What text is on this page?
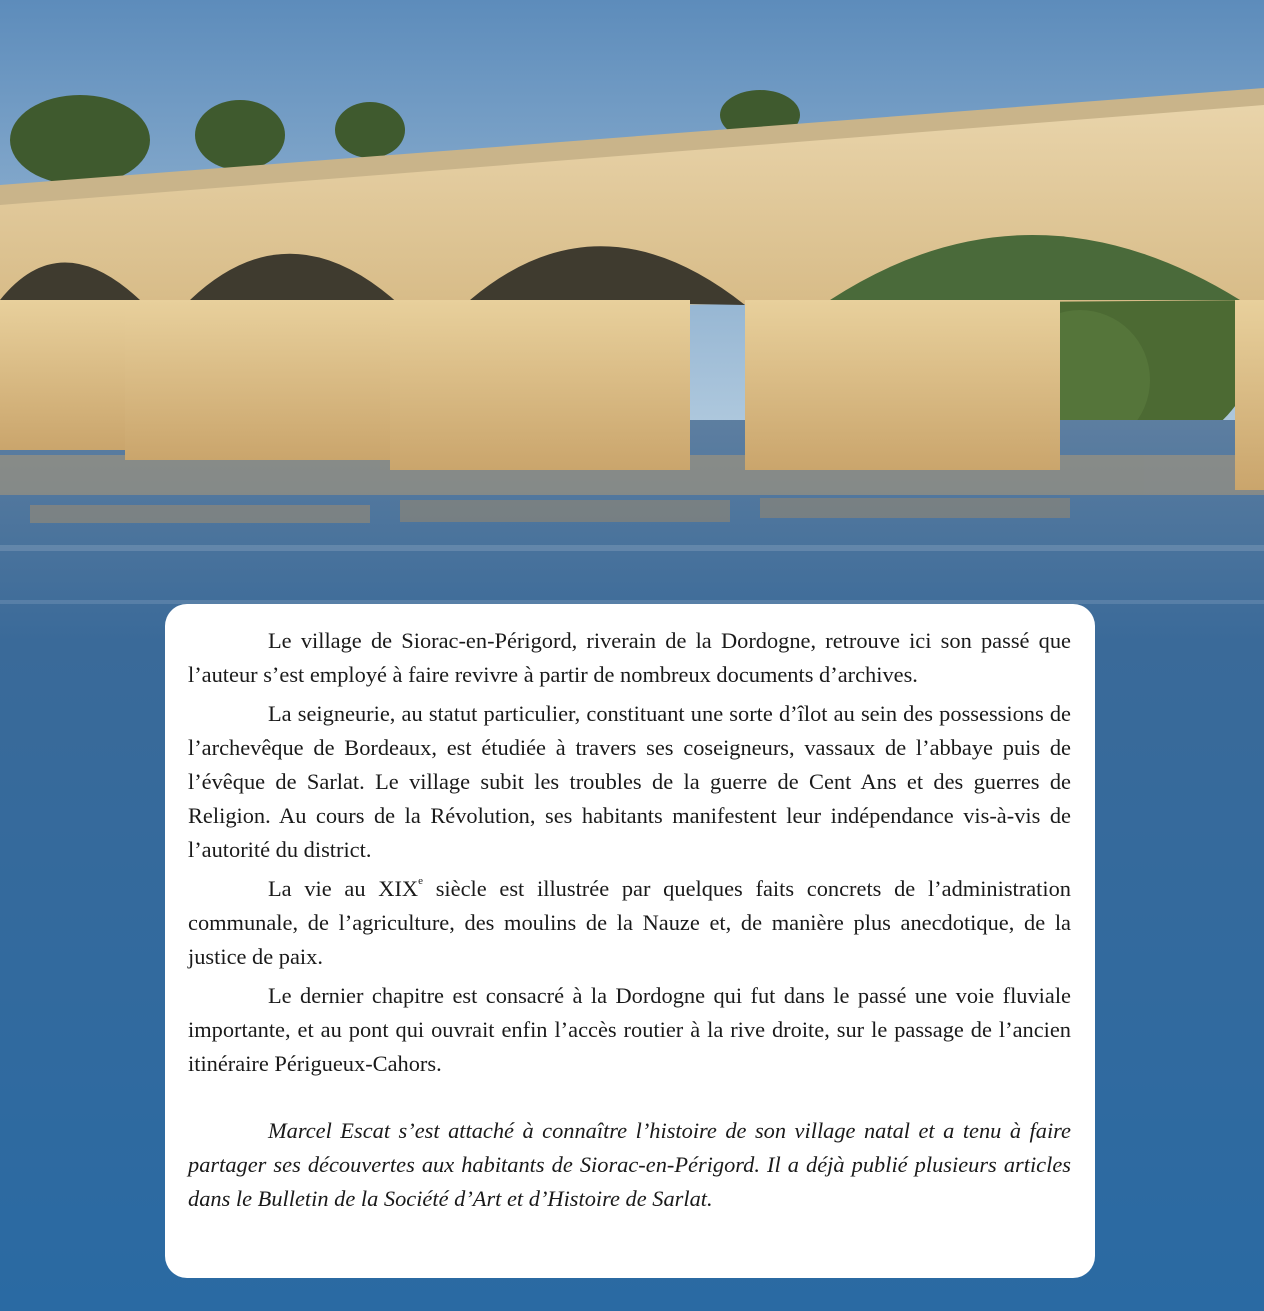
Le village de Siorac-en-Périgord, riverain de la Dordogne, retrouve ici son passé que l’auteur s’est employé à faire revivre à partir de nombreux documents d’archives.

La seigneurie, au statut particulier, constituant une sorte d’îlot au sein des possessions de l’archevêque de Bordeaux, est étudiée à travers ses coseigneurs, vassaux de l’abbaye puis de l’évêque de Sarlat. Le village subit les troubles de la guerre de Cent Ans et des guerres de Religion. Au cours de la Révolution, ses habitants manifestent leur indépendance vis-à-vis de l’autorité du district.

La vie au XIXe siècle est illustrée par quelques faits concrets de l’administration communale, de l’agriculture, des moulins de la Nauze et, de manière plus anecdotique, de la justice de paix.

Le dernier chapitre est consacré à la Dordogne qui fut dans le passé une voie fluviale importante, et au pont qui ouvrait enfin l’accès routier à la rive droite, sur le passage de l’ancien itinéraire Périgueux-Cahors.

Marcel Escat s’est attaché à connaître l’histoire de son village natal et a tenu à faire partager ses découvertes aux habitants de Siorac-en-Périgord. Il a déjà publié plusieurs articles dans le Bulletin de la Société d’Art et d’Histoire de Sarlat.
